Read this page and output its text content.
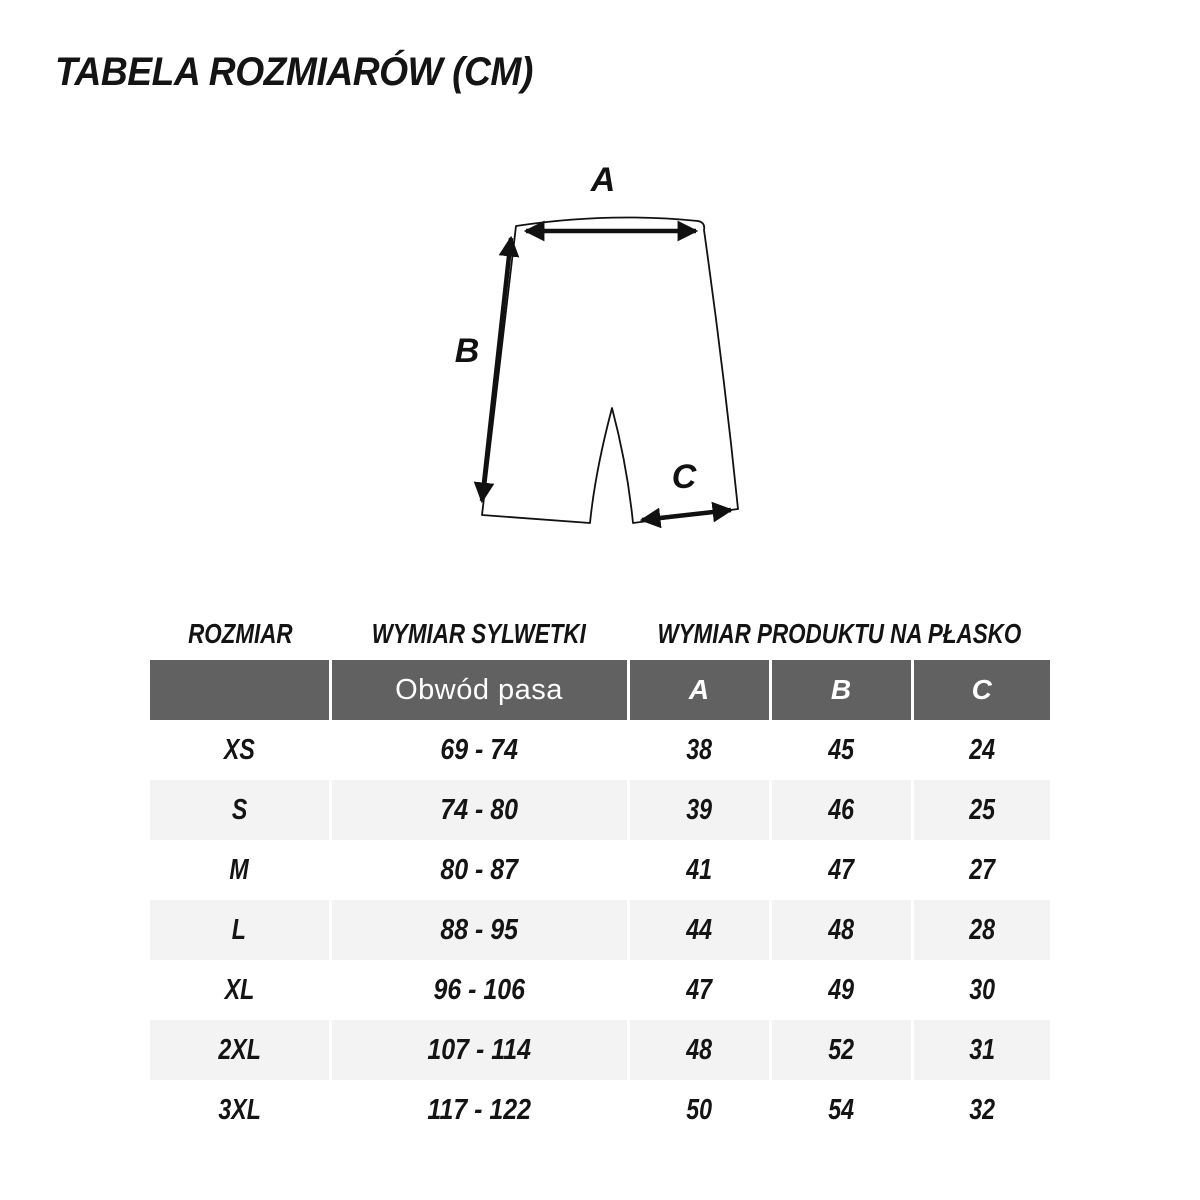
TABELA ROZMIARÓW (CM)
A
B
C
ROZMIAR	WYMIAR SYLWETKI	WYMIAR PRODUKTU NA PŁASKO
	Obwód pasa	A	B	C
XS	69 - 74	38	45	24
S	74 - 80	39	46	25
M	80 - 87	41	47	27
L	88 - 95	44	48	28
XL	96 - 106	47	49	30
2XL	107 - 114	48	52	31
3XL	117 - 122	50	54	32
